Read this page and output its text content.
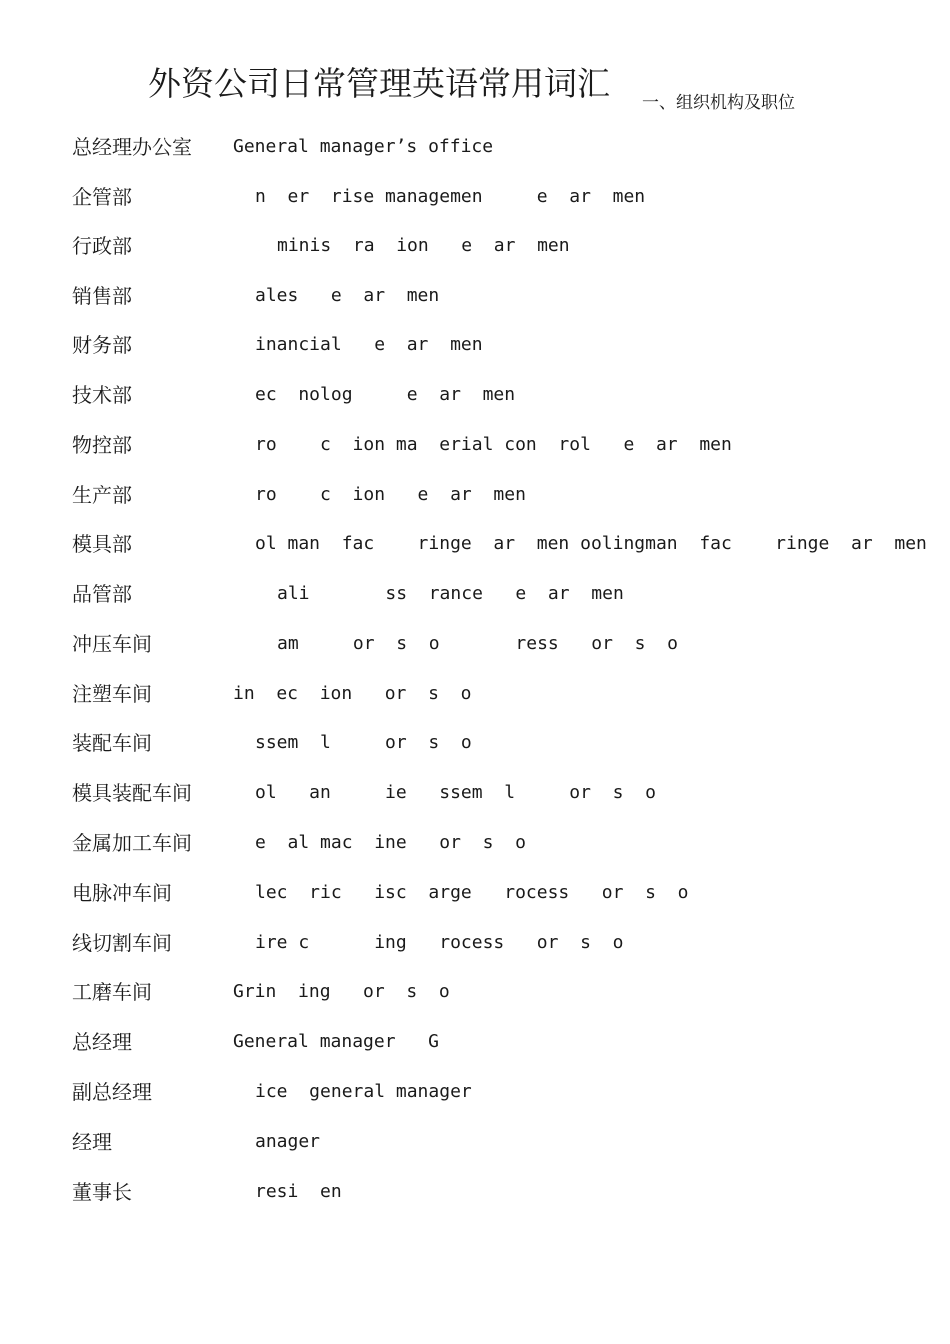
外资公司日常管理英语常用词汇 一、组织机构及职位
总经理办公室 General manager’s office
企管部	n  er  rise managemen     e  ar  men
行政部	minis  ra  ion   e  ar  men
销售部	ales   e  ar  men
财务部	inancial   e  ar  men
技术部	ec  nolog     e  ar  men
物控部	ro    c  ion ma  erial con  rol   e  ar  men
生产部	ro    c  ion   e  ar  men
模具部	ol man  fac    ringe  ar  men oolingman  fac    ringe  ar  men
品管部	ali       ss  rance   e  ar  men
冲压车间	am     or  s  o       ress   or  s  o
注塑车间	in  ec  ion   or  s  o
装配车间	ssem  l     or  s  o
模具装配车间	ol   an     ie   ssem  l     or  s  o
金属加工车间	e  al mac  ine   or  s  o
电脉冲车间	lec  ric   isc  arge   rocess   or  s  o
线切割车间	ire c      ing   rocess   or  s  o
工磨车间	Grin  ing   or  s  o
总经理	General manager   G
副总经理	ice  general manager
经理	anager
董事长	resi  en
